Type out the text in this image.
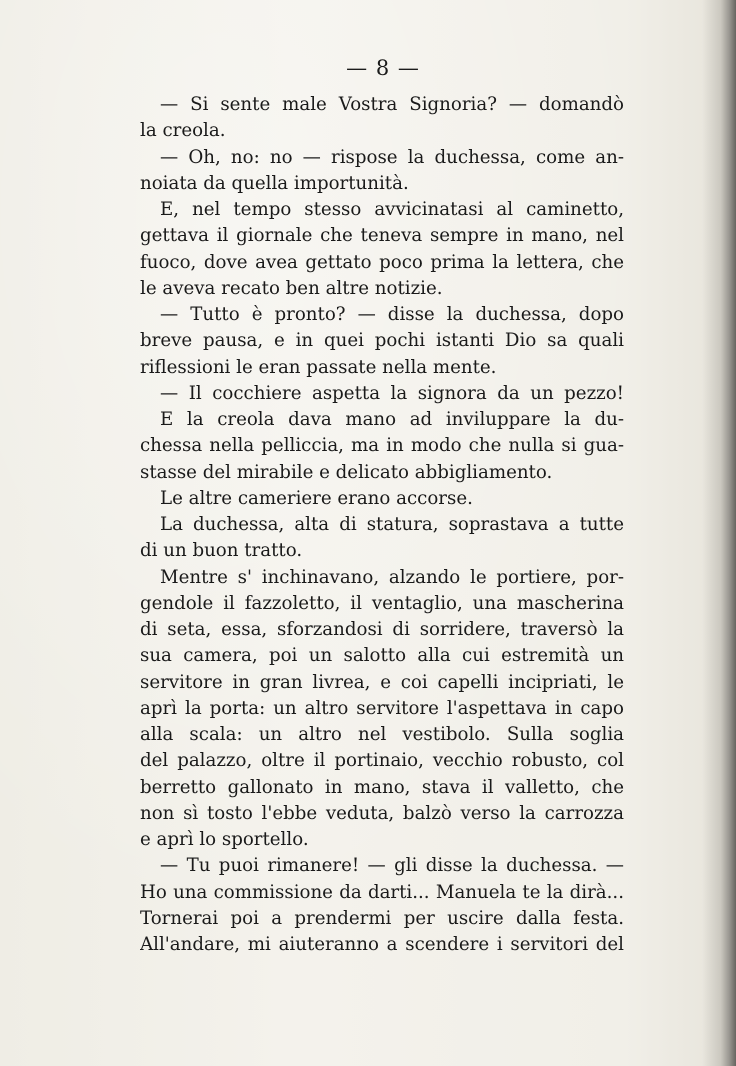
— 8 —
— Si sente male Vostra Signoria? — domandò
la creola.
— Oh, no: no — rispose la duchessa, come an-
noiata da quella importunità.
E, nel tempo stesso avvicinatasi al caminetto,
gettava il giornale che teneva sempre in mano, nel
fuoco, dove avea gettato poco prima la lettera, che
le aveva recato ben altre notizie.
— Tutto è pronto? — disse la duchessa, dopo
breve pausa, e in quei pochi istanti Dio sa quali
riflessioni le eran passate nella mente.
— Il cocchiere aspetta la signora da un pezzo!
E la creola dava mano ad inviluppare la du-
chessa nella pelliccia, ma in modo che nulla si gua-
stasse del mirabile e delicato abbigliamento.
Le altre cameriere erano accorse.
La duchessa, alta di statura, soprastava a tutte
di un buon tratto.
Mentre s' inchinavano, alzando le portiere, por-
gendole il fazzoletto, il ventaglio, una mascherina
di seta, essa, sforzandosi di sorridere, traversò la
sua camera, poi un salotto alla cui estremità un
servitore in gran livrea, e coi capelli incipriati, le
aprì la porta: un altro servitore l'aspettava in capo
alla scala: un altro nel vestibolo. Sulla soglia
del palazzo, oltre il portinaio, vecchio robusto, col
berretto gallonato in mano, stava il valletto, che
non sì tosto l'ebbe veduta, balzò verso la carrozza
e aprì lo sportello.
— Tu puoi rimanere! — gli disse la duchessa. —
Ho una commissione da darti... Manuela te la dirà...
Tornerai poi a prendermi per uscire dalla festa.
All'andare, mi aiuteranno a scendere i servitori del
